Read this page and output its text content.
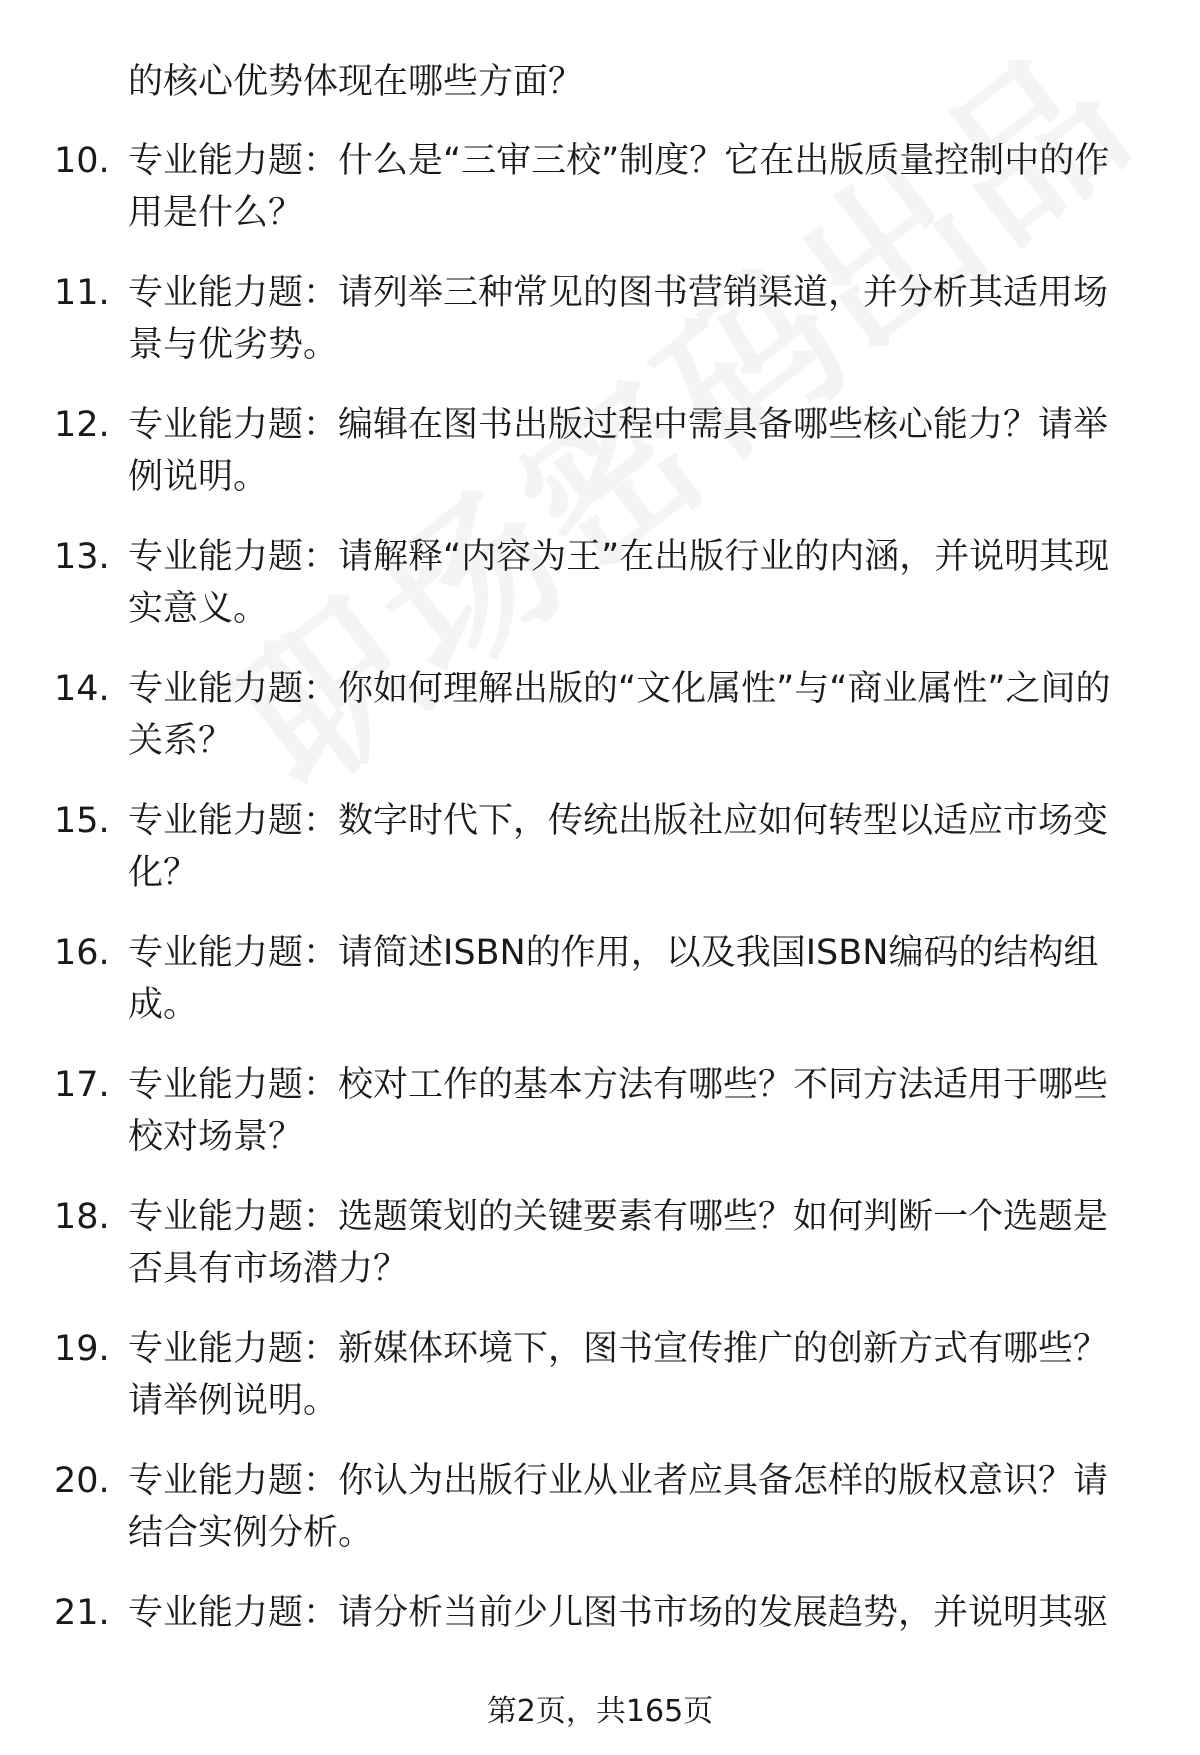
的核心优势体现在哪些方面？
10. 专业能力题：什么是“三审三校”制度？它在出版质量控制中的作用是什么？
11. 专业能力题：请列举三种常见的图书营销渠道，并分析其适用场景与优劣势。
12. 专业能力题：编辑在图书出版过程中需具备哪些核心能力？请举例说明。
13. 专业能力题：请解释“内容为王”在出版行业的内涵，并说明其现实意义。
14. 专业能力题：你如何理解出版的“文化属性”与“商业属性”之间的关系？
15. 专业能力题：数字时代下，传统出版社应如何转型以适应市场变化？
16. 专业能力题：请简述ISBN的作用，以及我国ISBN编码的结构组成。
17. 专业能力题：校对工作的基本方法有哪些？不同方法适用于哪些校对场景？
18. 专业能力题：选题策划的关键要素有哪些？如何判断一个选题是否具有市场潜力？
19. 专业能力题：新媒体环境下，图书宣传推广的创新方式有哪些？请举例说明。
20. 专业能力题：你认为出版行业从业者应具备怎样的版权意识？请结合实例分析。
21. 专业能力题：请分析当前少儿图书市场的发展趋势，并说明其驱
第2页，共165页
